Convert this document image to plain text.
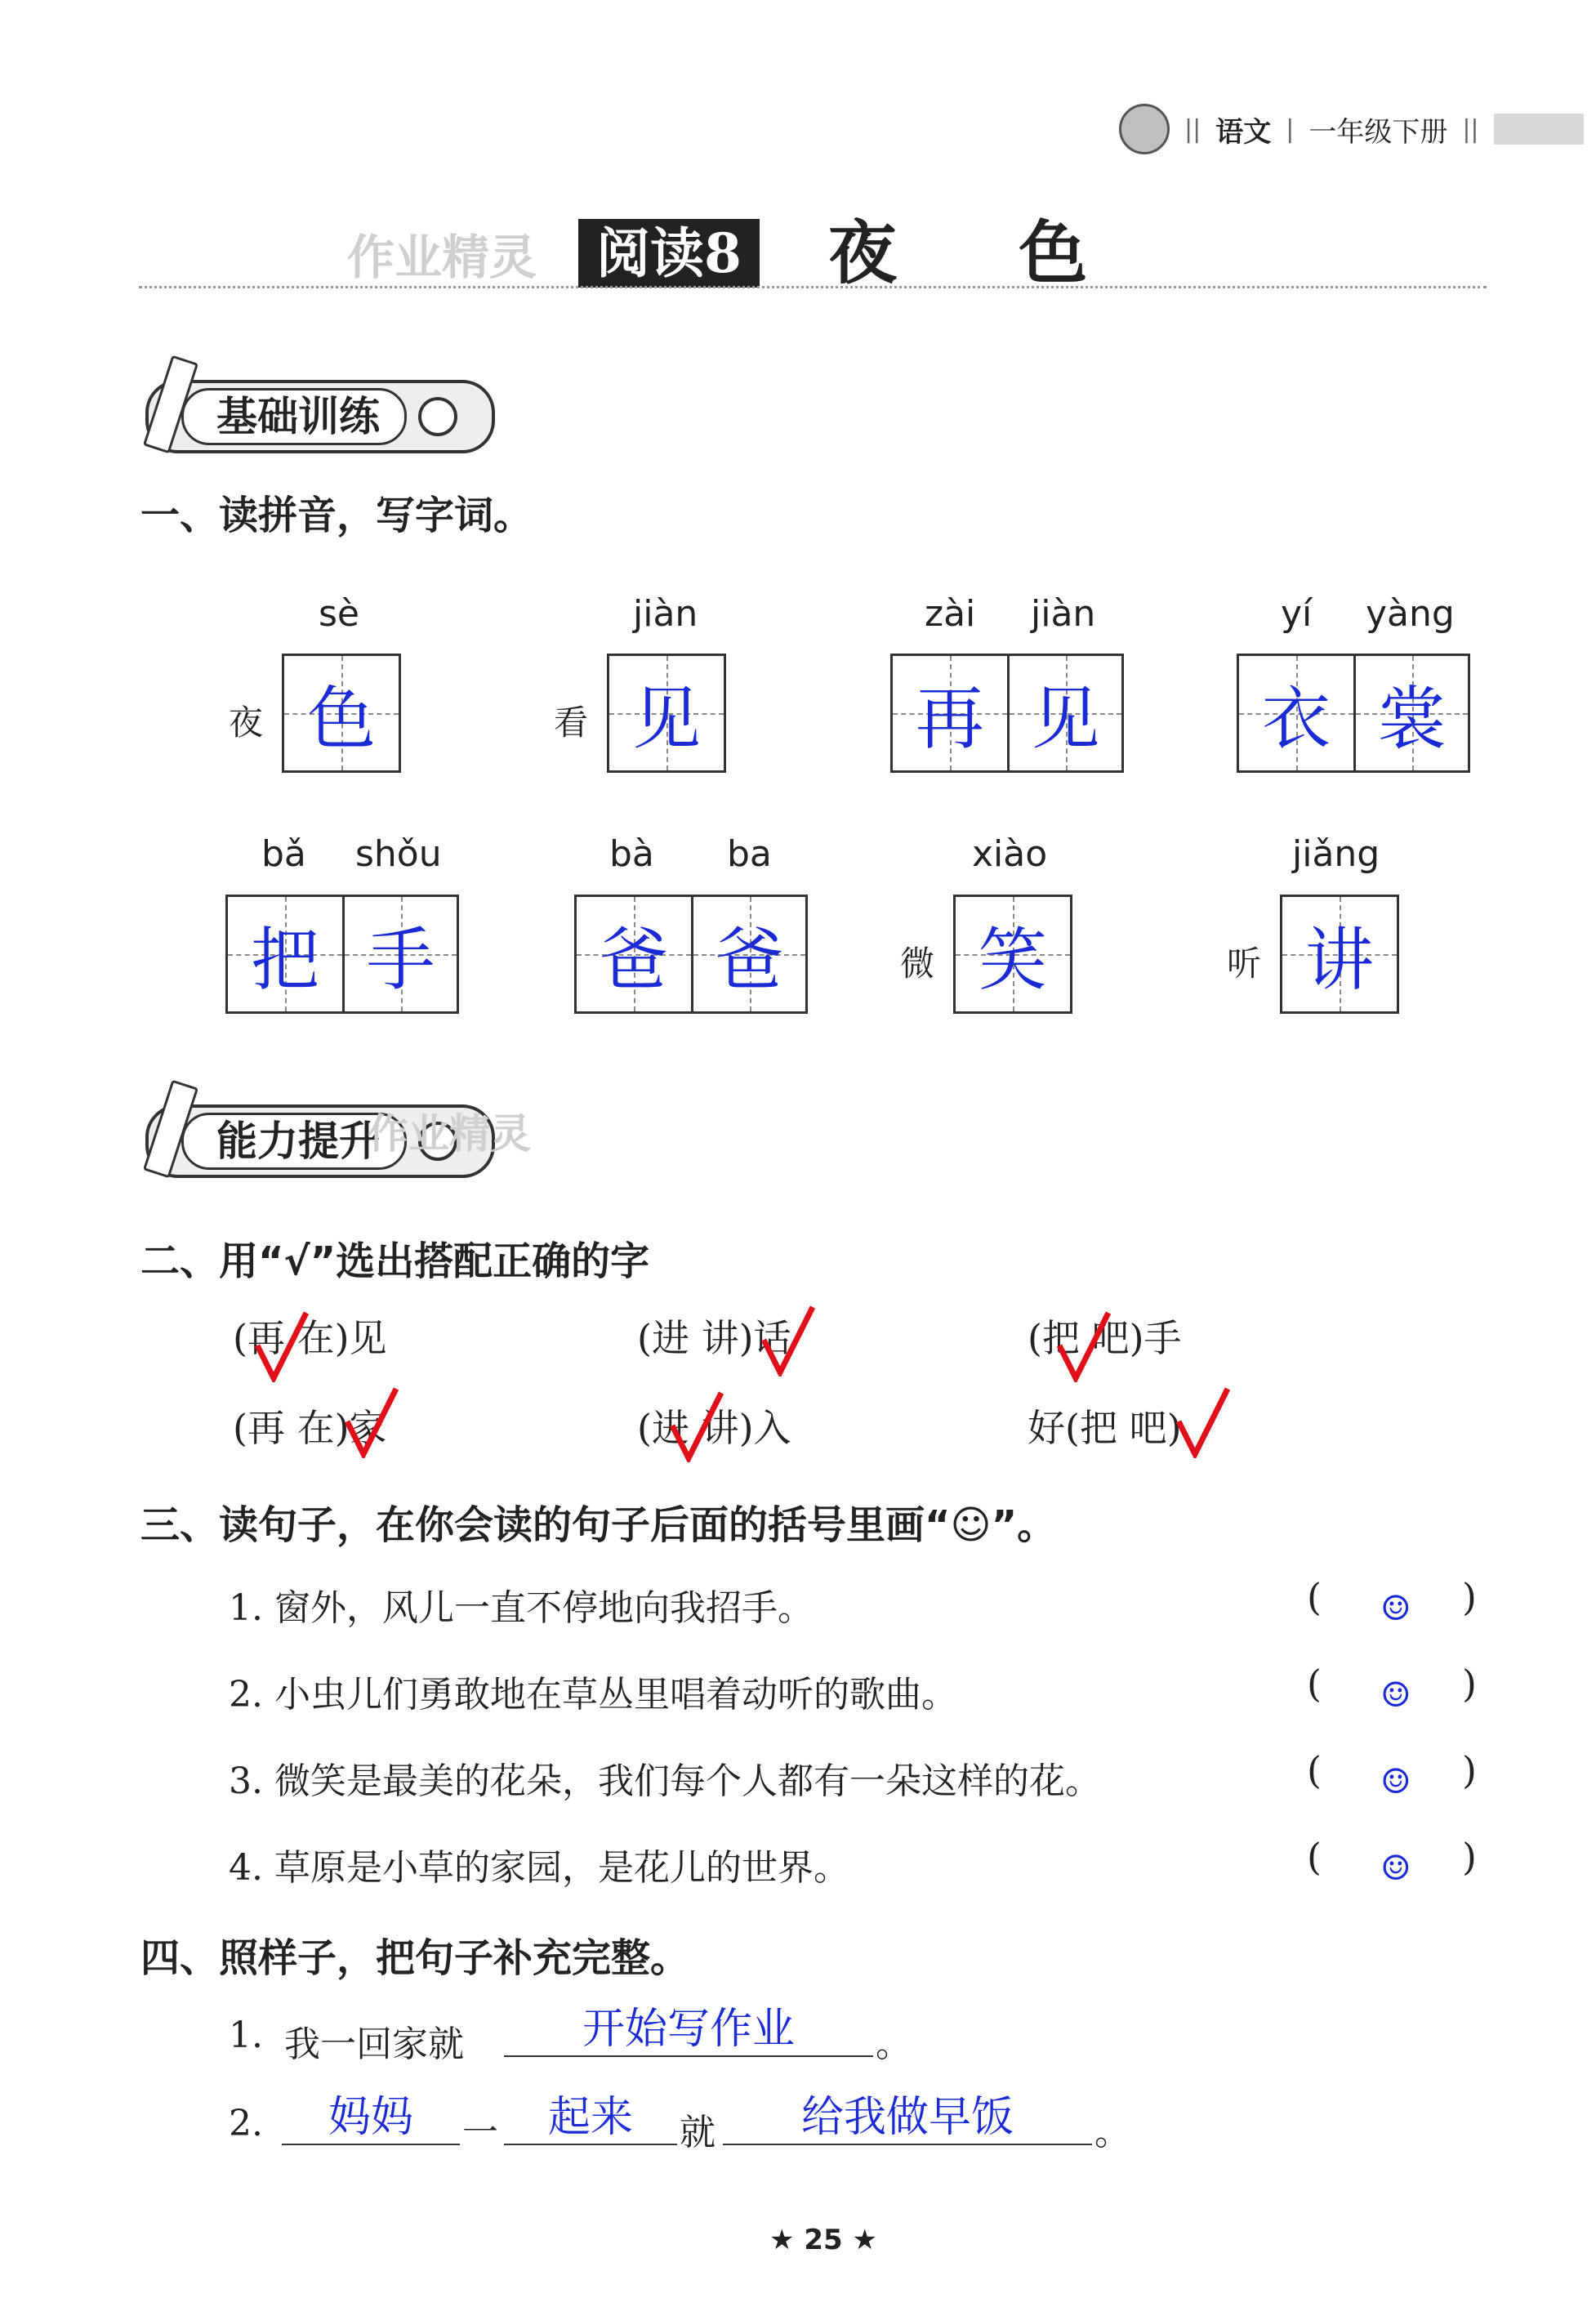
|| 语文 | 一年级下册 ||
作业精灵	阅读8 夜 色
基础训练
一、读拼音，写字词。
sè
夜 色
jiàn
看 见
zài jiàn
再 见
yí yàng
衣 裳
bǎ shǒu
把 手
bà ba
爸 爸
xiào
微 笑
jiǎng
听 讲
能力提升
作业精灵
二、用“√”选出搭配正确的字
(再 在)见	(进 讲)话	(把 吧)手
(再 在)家	(进 讲)入	好(把 吧)
三、读句子，在你会读的句子后面的括号里画“☺”。
1. 窗外，风儿一直不停地向我招手。	( ☺ )
2. 小虫儿们勇敢地在草丛里唱着动听的歌曲。	( ☺ )
3. 微笑是最美的花朵，我们每个人都有一朵这样的花。	( ☺ )
4. 草原是小草的家园，是花儿的世界。	( ☺ )
四、照样子，把句子补充完整。
1. 我一回家就	开始写作业	。
2.	妈妈	一	起来	就	给我做早饭	。
★ 25 ★
